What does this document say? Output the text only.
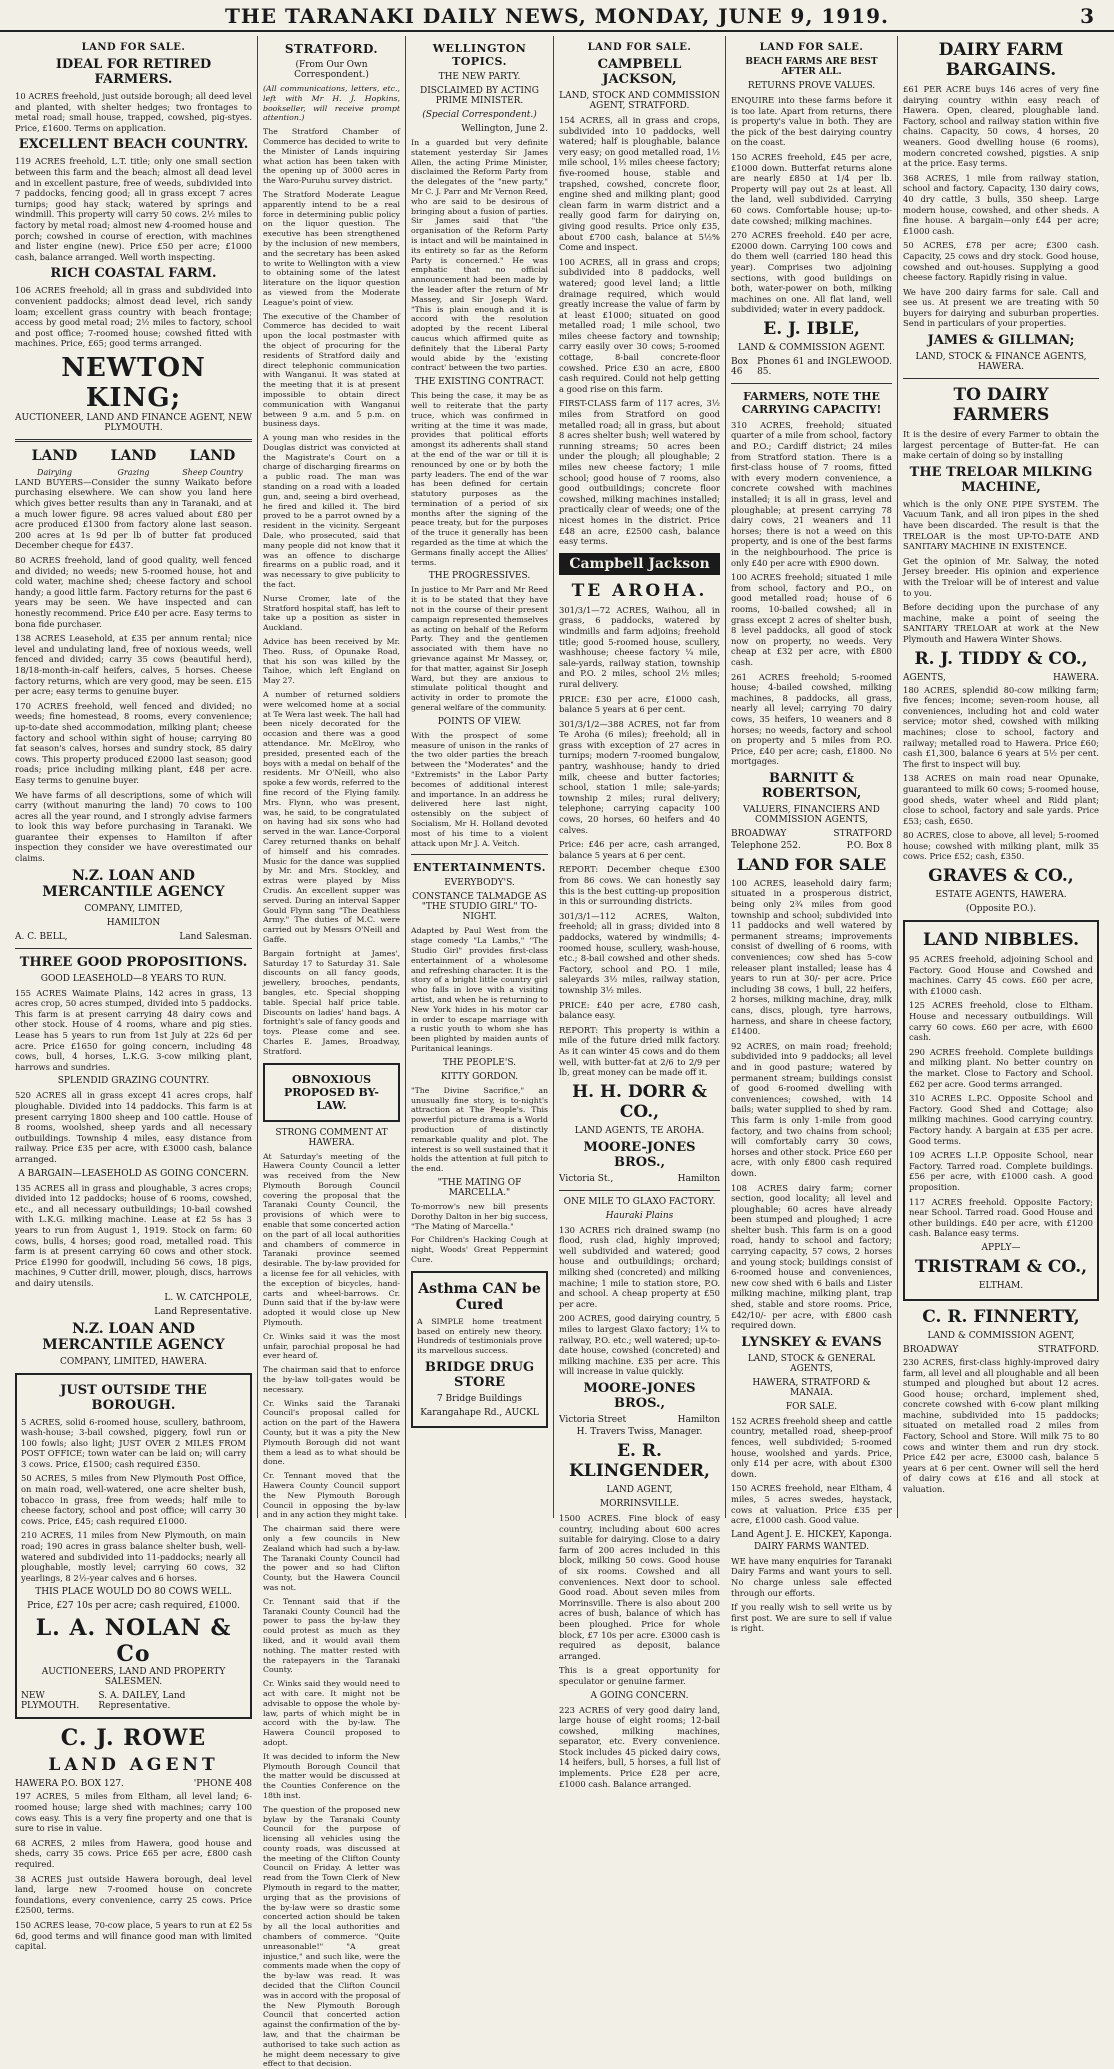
THE TARANAKI DAILY NEWS, MONDAY, JUNE 9, 1919.	3
LAND FOR SALE.
IDEAL FOR RETIRED FARMERS.

10 ACRES freehold, just outside borough; all deed level and planted, with shelter hedges; two frontages to metal road; small house, trapped, cowshed, pig-styes. Price, £1600. Terms on application.

EXCELLENT BEACH COUNTRY.

119 ACRES freehold, L.T. title; only one small section between this farm and the beach; almost all dead level and in excellent pasture, free of weeds, subdivided into 7 paddocks, fencing good; all in grass except 7 acres turnips; good hay stack; watered by springs and windmill. This property will carry 50 cows. 2½ miles to factory by metal road; almost new 4-roomed house and porch; cowshed in course of erection, with machines and lister engine (new). Price £50 per acre; £1000 cash, balance arranged. Well worth inspecting.

RICH COASTAL FARM.

106 ACRES freehold; all in grass and subdivided into convenient paddocks; almost dead level, rich sandy loam; excellent grass country with beach frontage; access by good metal road; 2½ miles to factory, school and post office; 7-roomed house; cowshed fitted with machines. Price, £65; good terms arranged.

NEWTON KING;
AUCTIONEER, LAND AND FINANCE AGENT, NEW PLYMOUTH.
LAND	LAND	LAND
Dairying	Grazing	Sheep Country

LAND BUYERS—Consider the sunny Waikato before purchasing elsewhere. We can show you land here which gives better results than any in Taranaki, and at a much lower figure. 98 acres valued about £80 per acre produced £1300 from factory alone last season. 200 acres at 1s 9d per lb of butter fat produced December cheque for £437.

80 ACRES freehold, land of good quality, well fenced and divided; no weeds; new 5-roomed house, hot and cold water, machine shed; cheese factory and school handy; a good little farm. Factory returns for the past 6 years may be seen. We have inspected and can honestly recommend. Price £40 per acre. Easy terms to bona fide purchaser.

138 ACRES Leasehold, at £35 per annum rental; nice level and undulating land, free of noxious weeds, well fenced and divided; carry 35 cows (beautiful herd), 18/18-month-in-calf heifers, calves, 5 horses. Cheese factory returns, which are very good, may be seen. £15 per acre; easy terms to genuine buyer.

170 ACRES freehold, well fenced and divided; no weeds; fine homestead, 8 rooms, every convenience; up-to-date shed accommodation, milking plant; cheese factory and school within sight of house; carrying 80 fat season's calves, horses and sundry stock, 85 dairy cows. This property produced £2000 last season; good roads; price including milking plant, £48 per acre. Easy terms to genuine buyer.

We have farms of all descriptions, some of which will carry (without manuring the land) 70 cows to 100 acres all the year round, and I strongly advise farmers to look this way before purchasing in Taranaki. We guarantee their expenses to Hamilton if after inspection they consider we have overestimated our claims.

N.Z. LOAN AND MERCANTILE AGENCY
COMPANY, LIMITED,
HAMILTON
A. C. BELL,	Land Salesman.
THREE GOOD PROPOSITIONS.
GOOD LEASEHOLD—8 YEARS TO RUN.

155 ACRES Waimate Plains, 142 acres in grass, 13 acres crop, 50 acres stumped, divided into 5 paddocks. This farm is at present carrying 48 dairy cows and other stock. House of 4 rooms, whare and pig sties. Lease has 5 years to run from 1st July at 22s 6d per acre. Price £1650 for going concern, including 48 cows, bull, 4 horses, L.K.G. 3-cow milking plant, harrows and sundries.

SPLENDID GRAZING COUNTRY.

520 ACRES all in grass except 41 acres crops, half ploughable. Divided into 14 paddocks. This farm is at present carrying 1800 sheep and 100 cattle. House of 8 rooms, woolshed, sheep yards and all necessary outbuildings. Township 4 miles, easy distance from railway. Price £35 per acre, with £3000 cash, balance arranged.

A BARGAIN—LEASEHOLD AS GOING CONCERN.

135 ACRES all in grass and ploughable, 3 acres crops; divided into 12 paddocks; house of 6 rooms, cowshed, etc., and all necessary outbuildings; 10-bail cowshed with L.K.G. milking machine. Lease at £2 5s has 3 years to run from August 1, 1919. Stock on farm: 60 cows, bulls, 4 horses; good road, metalled road. This farm is at present carrying 60 cows and other stock. Price £1990 for goodwill, including 56 cows, 18 pigs, machines, 9 Cutter drill, mower, plough, discs, harrows and dairy utensils.

L. W. CATCHPOLE,
Land Representative.
N.Z. LOAN AND MERCANTILE AGENCY
COMPANY, LIMITED, HAWERA.
JUST OUTSIDE THE BOROUGH.

5 ACRES, solid 6-roomed house, scullery, bathroom, wash-house; 3-bail cowshed, piggery, fowl run or 100 fowls; also light; JUST OVER 2 MILES FROM POST OFFICE; town water can be laid on; will carry 3 cows. Price, £1500; cash required £350.

50 ACRES, 5 miles from New Plymouth Post Office, on main road, well-watered, one acre shelter bush, tobacco in grass, free from weeds; half mile to cheese factory, school and post office; will carry 30 cows. Price, £45; cash required £1000.

210 ACRES, 11 miles from New Plymouth, on main road; 190 acres in grass balance shelter bush, well-watered and subdivided into 11-paddocks; nearly all ploughable, mostly level; carrying 60 cows, 32 yearlings, 8 2½-year calves and 6 horses.

THIS PLACE WOULD DO 80 COWS WELL.
Price, £27 10s per acre; cash required, £1000.
L. A. NOLAN & Co
AUCTIONEERS, LAND AND PROPERTY SALESMEN.
NEW PLYMOUTH.
S. A. DAILEY, Land Representative.
C. J. ROWE
LAND AGENT
HAWERA P.O. BOX 127.	'PHONE 408

197 ACRES, 5 miles from Eltham, all level land; 6-roomed house; large shed with machines; carry 100 cows easy. This is a very fine property and one that is sure to rise in value.

68 ACRES, 2 miles from Hawera, good house and sheds, carry 35 cows. Price £65 per acre, £800 cash required.

38 ACRES just outside Hawera borough, deal level land, large new 7-roomed house on concrete foundations, every convenience, carry 25 cows. Price £2500, terms.

150 ACRES lease, 70-cow place, 5 years to run at £2 5s 6d, good terms and will finance good man with limited capital.

STRATFORD.
(From Our Own Correspondent.)

(All communications, letters, etc., left with Mr H. J. Hopkins, bookseller, will receive prompt attention.)

The Stratford Chamber of Commerce has decided to write to the Minister of Lands inquiring what action has been taken with the opening up of 3000 acres in the Waro-Puruhu survey district.

The Stratford Moderate League apparently intend to be a real force in determining public policy on the liquor question. The executive has been strengthened by the inclusion of new members, and the secretary has been asked to write to Wellington with a view to obtaining some of the latest literature on the liquor question as viewed from the Moderate League's point of view.

The executive of the Chamber of Commerce has decided to wait upon the local postmaster with the object of procuring for the residents of Stratford daily and direct telephonic communication with Wanganui. It was stated at the meeting that it is at present impossible to obtain direct communication with Wanganui between 9 a.m. and 5 p.m. on business days.

A young man who resides in the Douglas district was convicted at the Magistrate's Court on a charge of discharging firearms on a public road. The man was standing on a road with a loaded gun, and, seeing a bird overhead, he fired and killed it. The bird proved to be a parrot owned by a resident in the vicinity. Sergeant Dale, who prosecuted, said that many people did not know that it was an offence to discharge firearms on a public road, and it was necessary to give publicity to the fact.

Nurse Cromer, late of the Stratford hospital staff, has left to take up a position as sister in Auckland.

Advice has been received by Mr. Theo. Russ, of Opunake Road, that his son was killed by the Taihoe, which left England on May 27.

A number of returned soldiers were welcomed home at a social at Te Wera last week. The hall had been nicely decorated for the occasion and there was a good attendance. Mr. McElroy, who presided, presented each of the boys with a medal on behalf of the residents. Mr O'Neill, who also spoke a few words, referred to the fine record of the Flying family. Mrs. Flynn, who was present, was, he said, to be congratulated on having had six sons who had served in the war. Lance-Corporal Carey returned thanks on behalf of himself and his comrades. Music for the dance was supplied by Mr. and Mrs. Stockley, and extras were played by Miss Crudis. An excellent supper was served. During an interval Sapper Gould Flynn sang "The Deathless Army." The duties of M.C. were carried out by Messrs O'Neill and Gaffe.

Bargain fortnight at James', Saturday 17 to Saturday 31. Sale discounts on all fancy goods, jewellery, brooches, pendants, bangles, etc. Special shopping table. Special half price table. Discounts on ladies' hand bags. A fortnight's sale of fancy goods and toys. Please come and see. Charles E. James, Broadway, Stratford.

OBNOXIOUS PROPOSED BY-LAW.
STRONG COMMENT AT HAWERA.

At Saturday's meeting of the Hawera County Council a letter was received from the New Plymouth Borough Council covering the proposal that the Taranaki County Council, the provisions of which were to enable that some concerted action on the part of all local authorities and chambers of commerce in Taranaki province seemed desirable. The by-law provided for a license fee for all vehicles, with the exception of bicycles, hand-carts and wheel-barrows. Cr. Dunn said that if the by-law were adopted it would close up New Plymouth.

Cr. Winks said it was the most unfair, parochial proposal he had ever heard of.

The chairman said that to enforce the by-law toll-gates would be necessary.

Cr. Winks said the Taranaki Council's proposal called for action on the part of the Hawera County, but it was a pity the New Plymouth Borough did not want them a lead as to what should be done.

Cr. Tennant moved that the Hawera County Council support the New Plymouth Borough Council in opposing the by-law and in any action they might take.

The chairman said there were only a few councils in New Zealand which had such a by-law. The Taranaki County Council had the power and so had Clifton County, but the Hawera Council was not.

Cr. Tennant said that if the Taranaki County Council had the power to pass the by-law they could protest as much as they liked, and it would avail them nothing. The matter rested with the ratepayers in the Taranaki County.

Cr. Winks said they would need to act with care. It might not be advisable to oppose the whole by-law, parts of which might be in accord with the by-law. The Hawera Council proposed to adopt.

It was decided to inform the New Plymouth Borough Council that the matter would be discussed at the Counties Conference on the 18th inst.

The question of the proposed new bylaw by the Taranaki County Council for the purpose of licensing all vehicles using the county roads, was discussed at the meeting of the Clifton County Council on Friday. A letter was read from the Town Clerk of New Plymouth in regard to the matter, urging that as the provisions of the by-law were so drastic some concerted action should be taken by all the local authorities and chambers of commerce. "Quite unreasonable!" "A great injustice," and such like, were the comments made when the copy of the by-law was read. It was decided that the Clifton Council was in accord with the proposal of the New Plymouth Borough Council that concerted action against the confirmation of the by-law, and that the chairman be authorised to take such action as he might deem necessary to give effect to that decision.

WELLINGTON TOPICS.
THE NEW PARTY.
DISCLAIMED BY ACTING PRIME MINISTER.
(Special Correspondent.)
Wellington, June 2.

In a guarded but very definite statement yesterday Sir James Allen, the acting Prime Minister, disclaimed the Reform Party from the delegates of the "new party," Mr C. J. Parr and Mr Vernon Reed, who are said to be desirous of bringing about a fusion of parties. Sir James said that "the organisation of the Reform Party is intact and will be maintained in its entirety so far as the Reform Party is concerned." He was emphatic that no official announcement had been made by the leader after the return of Mr Massey, and Sir Joseph Ward. "This is plain enough and it is accord with the resolution adopted by the recent Liberal caucus which affirmed quite as definitely that the Liberal Party would abide by the 'existing contract' between the two parties.

THE EXISTING CONTRACT.

This being the case, it may be as well to reiterate that the party truce, which was confirmed in writing at the time it was made, provides that political efforts amongst its adherents shall stand at the end of the war or till it is renounced by one or by both the party leaders. The end of the war has been defined for certain statutory purposes as the termination of a period of six months after the signing of the peace treaty, but for the purposes of the truce it generally has been regarded as the time at which the Germans finally accept the Allies' terms.

THE PROGRESSIVES.

In justice to Mr Parr and Mr Reed it is to be stated that they have not in the course of their present campaign represented themselves as acting on behalf of the Reform Party. They and the gentlemen associated with them have no grievance against Mr Massey, or, for that matter, against Sir Joseph Ward, but they are anxious to stimulate political thought and activity in order to promote the general welfare of the community.

POINTS OF VIEW.

With the prospect of some measure of unison in the ranks of the two older parties the breach between the "Moderates" and the "Extremists" in the Labor Party becomes of additional interest and importance. In an address he delivered here last night, ostensibly on the subject of Socialism, Mr H. Holland devoted most of his time to a violent attack upon Mr J. A. Veitch.

ENTERTAINMENTS.
EVERYBODY'S.
CONSTANCE TALMADGE AS "THE STUDIO GIRL" TO-NIGHT.

Adapted by Paul West from the stage comedy "La Lambs," "The Studio Girl" provides first-class entertainment of a wholesome and refreshing character. It is the story of a bright little country girl who falls in love with a visiting artist, and when he is returning to New York hides in his motor car in order to escape marriage with a rustic youth to whom she has been plighted by maiden aunts of Puritanical leanings.

THE PEOPLE'S.
KITTY GORDON.

"The Divine Sacrifice," an unusually fine story, is to-night's attraction at The People's. This powerful picture drama is a World production of distinctly remarkable quality and plot. The interest is so well sustained that it holds the attention at full pitch to the end.

"THE MATING OF MARCELLA."

To-morrow's new bill presents Dorothy Dalton in her big success, "The Mating of Marcella."

For Children's Hacking Cough at night, Woods' Great Peppermint Cure.

Asthma CAN be Cured

A SIMPLE home treatment based on entirely new theory. Hundreds of testimonials prove its marvellous success.

BRIDGE DRUG STORE
7 Bridge Buildings
Karangahape Rd., AUCKL
LAND FOR SALE.
CAMPBELL JACKSON,
LAND, STOCK AND COMMISSION AGENT, STRATFORD.

154 ACRES, all in grass and crops, subdivided into 10 paddocks, well watered; half is ploughable, balance very easy; on good metalled road, 1½ mile school, 1½ miles cheese factory; five-roomed house, stable and trapshed, cowshed, concrete floor, engine shed and milking plant; good clean farm in warm district and a really good farm for dairying on, giving good results. Price only £35, about £700 cash, balance at 5½% Come and inspect.

100 ACRES, all in grass and crops; subdivided into 8 paddocks, well watered; good level land; a little drainage required, which would greatly increase the value of farm by at least £1000; situated on good metalled road; 1 mile school, two miles cheese factory and township; carry easily over 30 cows; 5-roomed cottage, 8-bail concrete-floor cowshed. Price £30 an acre, £800 cash required. Could not help getting a good rise on this farm.

FIRST-CLASS farm of 117 acres, 3½ miles from Stratford on good metalled road; all in grass, but about 8 acres shelter bush; well watered by running streams; 50 acres been under the plough; all ploughable; 2 miles new cheese factory; 1 mile school; good house of 7 rooms, also good outbuildings; concrete floor cowshed, milking machines installed; practically clear of weeds; one of the nicest homes in the district. Price £48 an acre, £2500 cash, balance easy terms.

Campbell Jackson
TE AROHA.

301/3/1—72 ACRES, Waihou, all in grass, 6 paddocks, watered by windmills and farm adjoins; freehold title; good 5-roomed house, scullery, washhouse; cheese factory ¼ mile, sale-yards, railway station, township and P.O. 2 miles, school 2½ miles; rural delivery.

PRICE: £30 per acre, £1000 cash, balance 5 years at 6 per cent.

301/3/1/2—388 ACRES, not far from Te Aroha (6 miles); freehold; all in grass with exception of 27 acres in turnips; modern 7-roomed bungalow, pantry, washhouse; handy to dried milk, cheese and butter factories; school, station 1 mile; sale-yards; township 2 miles; rural delivery; telephone; carrying capacity 100 cows, 20 horses, 60 heifers and 40 calves.

Price: £46 per acre, cash arranged, balance 5 years at 6 per cent.

REPORT: December cheque £300 from 86 cows. We can honestly say this is the best cutting-up proposition in this or surrounding districts.

301/3/1—112 ACRES, Walton, freehold; all in grass; divided into 8 paddocks, watered by windmills; 4-roomed house, scullery, wash-house, etc.; 8-bail cowshed and other sheds. Factory, school and P.O. 1 mile, saleyards 3½ miles, railway station, township 3½ miles.

PRICE: £40 per acre, £780 cash, balance easy.

REPORT: This property is within a mile of the future dried milk factory. As it can winter 45 cows and do them well, with butter-fat at 2/6 to 2/9 per lb, great money can be made off it.

H. H. DORR & CO.,
LAND AGENTS, TE AROHA.
MOORE-JONES BROS.,
Victoria St.,	Hamilton
ONE MILE TO GLAXO FACTORY.
Hauraki Plains

130 ACRES rich drained swamp (no flood, rush clad, highly improved; well subdivided and watered; good house and outbuildings; orchard; milking shed (concreted) and milking machine; 1 mile to station store, P.O. and school. A cheap property at £50 per acre.

200 ACRES, good dairying country, 5 miles to largest Glaxo factory; 1¼ to railway, P.O. etc.; well watered; up-to-date house, cowshed (concreted) and milking machine. £35 per acre. This will increase in value quickly.

MOORE-JONES BROS.,
Victoria Street	Hamilton
H. Travers Twiss, Manager.
E. R. KLINGENDER,
LAND AGENT,
MORRINSVILLE.

1500 ACRES. Fine block of easy country, including about 600 acres suitable for dairying. Close to a dairy farm of 200 acres included in this block, milking 50 cows. Good house of six rooms. Cowshed and all conveniences. Next door to school. Good road. About seven miles from Morrinsville. There is also about 200 acres of bush, balance of which has been ploughed. Price for whole block, £7 10s per acre. £3000 cash is required as deposit, balance arranged.

This is a great opportunity for speculator or genuine farmer.

A GOING CONCERN.

223 ACRES of very good dairy land, large house of eight rooms; 12-bail cowshed, milking machines, separator, etc. Every convenience. Stock includes 45 picked dairy cows, 14 heifers, bull, 5 horses, a full list of implements. Price £28 per acre, £1000 cash. Balance arranged.

LAND FOR SALE.
BEACH FARMS ARE BEST AFTER ALL.
RETURNS PROVE VALUES.

ENQUIRE into these farms before it is too late. Apart from returns, there is property's value in both. They are the pick of the best dairying country on the coast.

150 ACRES freehold, £45 per acre, £1000 down. Butterfat returns alone are nearly £850 at 1/4 per lb. Property will pay out 2s at least. All the land, well subdivided. Carrying 60 cows. Comfortable house; up-to-date cowshed; milking machines.

270 ACRES freehold. £40 per acre, £2000 down. Carrying 100 cows and do them well (carried 180 head this year). Comprises two adjoining sections, with good buildings on both, water-power on both, milking machines on one. All flat land, well subdivided; water in every paddock.

E. J. IBLE,
LAND & COMMISSION AGENT.
Box 46
Phones 61 and 85.
INGLEWOOD.
FARMERS, NOTE THE CARRYING CAPACITY!

310 ACRES, freehold; situated quarter of a mile from school, factory and P.O.; Cardiff district; 24 miles from Stratford station. There is a first-class house of 7 rooms, fitted with every modern convenience, a concrete cowshed with machines installed; it is all in grass, level and ploughable; at present carrying 78 dairy cows, 21 weaners and 11 horses; there is not a weed on this property, and is one of the best farms in the neighbourhood. The price is only £40 per acre with £900 down.

100 ACRES freehold; situated 1 mile from school, factory and P.O., on good metalled road; house of 6 rooms, 10-bailed cowshed; all in grass except 2 acres of shelter bush, 8 level paddocks, all good of stock now on property, no weeds. Very cheap at £32 per acre, with £800 cash.

261 ACRES freehold; 5-roomed house; 4-bailed cowshed, milking machines, 8 paddocks, all grass, nearly all level; carrying 70 dairy cows, 35 heifers, 10 weaners and 8 horses; no weeds, factory and school on property and 5 miles from P.O. Price, £40 per acre; cash, £1800. No mortgages.

BARNITT & ROBERTSON,
VALUERS, FINANCIERS AND COMMISSION AGENTS,
BROADWAY	STRATFORD
Telephone 252.	P.O. Box 8
LAND FOR SALE

100 ACRES, leasehold dairy farm; situated in a prosperous district, being only 2¾ miles from good township and school; subdivided into 11 paddocks and well watered by permanent streams; improvements consist of dwelling of 6 rooms, with conveniences; cow shed has 5-cow releaser plant installed; lease has 4 years to run at 30/- per acre. Price including 38 cows, 1 bull, 22 heifers, 2 horses, milking machine, dray, milk cans, discs, plough, tyre harrows, harness, and share in cheese factory, £1400.

92 ACRES, on main road; freehold; subdivided into 9 paddocks; all level and in good pasture; watered by permanent stream; buildings consist of good 6-roomed dwelling with conveniences; cowshed, with 14 bails; water supplied to shed by ram. This farm is only 1-mile from good factory, and two chains from school; will comfortably carry 30 cows, horses and other stock. Price £60 per acre, with only £800 cash required down.

108 ACRES dairy farm; corner section, good locality; all level and ploughable; 60 acres have already been stumped and ploughed; 1 acre shelter bush. This farm is on a good road, handy to school and factory; carrying capacity, 57 cows, 2 horses and young stock; buildings consist of 6-roomed house and conveniences, new cow shed with 6 bails and Lister milking machine, milking plant, trap shed, stable and store rooms. Price, £42/10/- per acre, with £800 cash required down.

LYNSKEY & EVANS
LAND, STOCK & GENERAL AGENTS,
HAWERA, STRATFORD & MANAIA.
FOR SALE.

152 ACRES freehold sheep and cattle country, metalled road, sheep-proof fences, well subdivided; 5-roomed house, woolshed and yards. Price, only £14 per acre, with about £300 down.

150 ACRES freehold, near Eltham, 4 miles, 5 acres swedes, haystack, cows at valuation. Price £35 per acre, £1000 cash. Good value.

Land Agent J. E. HICKEY, Kaponga.
DAIRY FARMS WANTED.

WE have many enquiries for Taranaki Dairy Farms and want yours to sell. No charge unless sale effected through our efforts.

If you really wish to sell write us by first post. We are sure to sell if value is right.

DAIRY FARM BARGAINS.

£61 PER ACRE buys 146 acres of very fine dairying country within easy reach of Hawera. Open, cleared, ploughable land. Factory, school and railway station within five chains. Capacity, 50 cows, 4 horses, 20 weaners. Good dwelling house (6 rooms), modern concreted cowshed, pigsties. A snip at the price. Easy terms.

368 ACRES, 1 mile from railway station, school and factory. Capacity, 130 dairy cows, 40 dry cattle, 3 bulls, 350 sheep. Large modern house, cowshed, and other sheds. A fine house. A bargain—only £44 per acre; £1000 cash.

50 ACRES, £78 per acre; £300 cash. Capacity, 25 cows and dry stock. Good house, cowshed and out-houses. Supplying a good cheese factory. Rapidly rising in value.

We have 200 dairy farms for sale. Call and see us. At present we are treating with 50 buyers for dairying and suburban properties. Send in particulars of your properties.

JAMES & GILLMAN;
LAND, STOCK & FINANCE AGENTS, HAWERA.
TO DAIRY FARMERS

It is the desire of every Farmer to obtain the largest percentage of Butter-fat. He can make certain of doing so by installing

THE TRELOAR MILKING MACHINE,

which is the only ONE PIPE SYSTEM. The Vacuum Tank, and all iron pipes in the shed have been discarded. The result is that the TRELOAR is the most UP-TO-DATE AND SANITARY MACHINE IN EXISTENCE.

Get the opinion of Mr. Salway, the noted Jersey breeder. His opinion and experience with the Treloar will be of interest and value to you.

Before deciding upon the purchase of any machine, make a point of seeing the SANITARY TRELOAR at work at the New Plymouth and Hawera Winter Shows.

R. J. TIDDY & CO.,
AGENTS,	HAWERA.

180 ACRES, splendid 80-cow milking farm; five fences; income; seven-room house, all conveniences, including hot and cold water service; motor shed, cowshed with milking machines; close to school, factory and railway; metalled road to Hawera. Price £60; cash £1,300, balance 6 years at 5½ per cent. The first to inspect will buy.

138 ACRES on main road near Opunake, guaranteed to milk 60 cows; 5-roomed house, good sheds, water wheel and Ridd plant; close to school, factory and sale yards. Price £53; cash, £650.

80 ACRES, close to above, all level; 5-roomed house; cowshed with milking plant, milk 35 cows. Price £52; cash, £350.

GRAVES & CO.,
ESTATE AGENTS, HAWERA.
(Opposite P.O.).
LAND NIBBLES.

95 ACRES freehold, adjoining School and Factory. Good House and Cowshed and machines. Carry 45 cows. £60 per acre, with £1000 cash.

125 ACRES freehold, close to Eltham. House and necessary outbuildings. Will carry 60 cows. £60 per acre, with £600 cash.

290 ACRES freehold. Complete buildings and milking plant. No better country on the market. Close to Factory and School. £62 per acre. Good terms arranged.

310 ACRES L.P.C. Opposite School and Factory. Good Shed and Cottage; also milking machines. Good carrying country. Factory handy. A bargain at £35 per acre. Good terms.

109 ACRES L.I.P. Opposite School, near Factory. Tarred road. Complete buildings. £56 per acre, with £1000 cash. A good proposition.

117 ACRES freehold. Opposite Factory; near School. Tarred road. Good House and other buildings. £40 per acre, with £1200 cash. Balance easy terms.

APPLY—
TRISTRAM & CO.,
ELTHAM.
C. R. FINNERTY,
LAND & COMMISSION AGENT,
BROADWAY	STRATFORD.

230 ACRES, first-class highly-improved dairy farm, all level and all ploughable and all been stumped and ploughed but about 12 acres. Good house; orchard, implement shed, concrete cowshed with 6-cow plant milking machine, subdivided into 15 paddocks; situated on metalled road 2 miles from Factory, School and Store. Will milk 75 to 80 cows and winter them and run dry stock. Price £42 per acre, £3000 cash, balance 5 years at 6 per cent. Owner will sell the herd of dairy cows at £16 and all stock at valuation.
